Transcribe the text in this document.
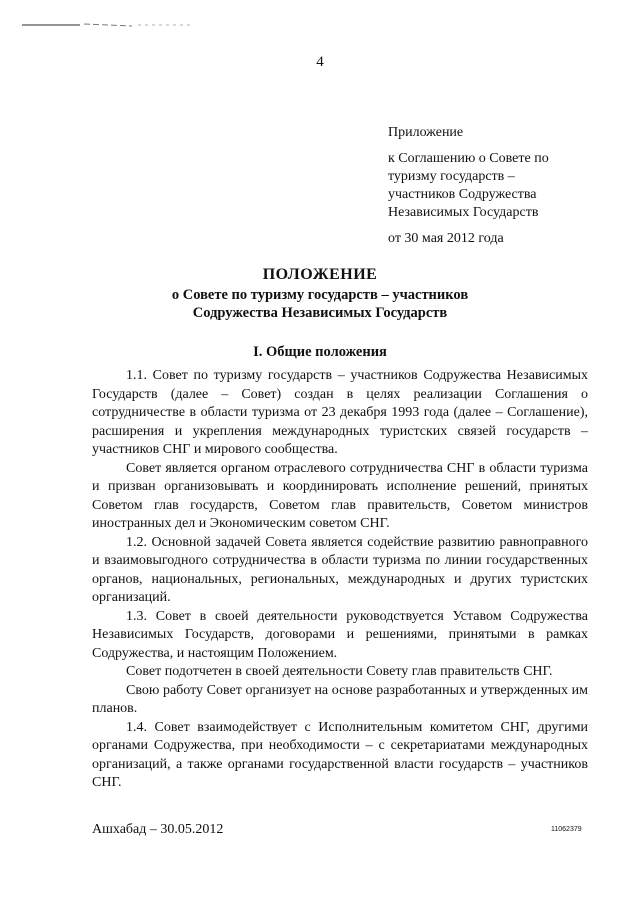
4
Приложение
к Соглашению о Совете по
туризму государств –
участников Содружества
Независимых Государств
от 30 мая 2012 года
ПОЛОЖЕНИЕ
о Совете по туризму государств – участников
Содружества Независимых Государств
I. Общие положения

1.1. Совет по туризму государств – участников Содружества Независимых Государств (далее – Совет) создан в целях реализации Соглашения о сотрудничестве в области туризма от 23 декабря 1993 года (далее – Соглашение), расширения и укрепления международных туристских связей государств – участников СНГ и мирового сообщества.

Совет является органом отраслевого сотрудничества СНГ в области туризма и призван организовывать и координировать исполнение решений, принятых Советом глав государств, Советом глав правительств, Советом министров иностранных дел и Экономическим советом СНГ.

1.2. Основной задачей Совета является содействие развитию равноправного и взаимовыгодного сотрудничества в области туризма по линии государственных органов, национальных, региональных, международных и других туристских организаций.

1.3. Совет в своей деятельности руководствуется Уставом Содружества Независимых Государств, договорами и решениями, принятыми в рамках Содружества, и настоящим Положением.

Совет подотчетен в своей деятельности Совету глав правительств СНГ.

Свою работу Совет организует на основе разработанных и утвержденных им планов.

1.4. Совет взаимодействует с Исполнительным комитетом СНГ, другими органами Содружества, при необходимости – с секретариатами международных организаций, а также органами государственной власти государств – участников СНГ.

Ашхабад – 30.05.2012	11062379
